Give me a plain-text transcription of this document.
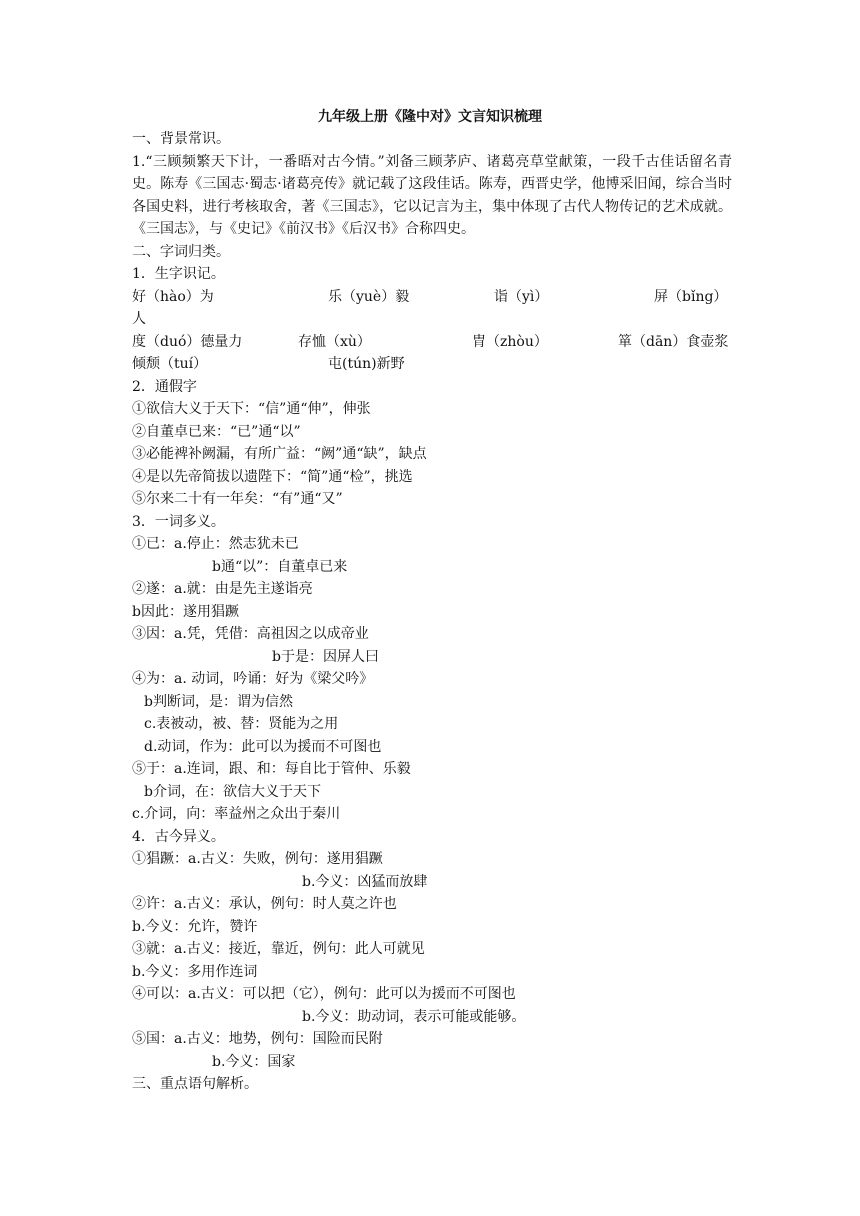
九年级上册《隆中对》文言知识梳理
一、背景常识。
1.“三顾频繁天下计，一番晤对古今情。”刘备三顾茅庐、诸葛亮草堂献策，一段千古佳话留名青史。陈寿《三国志·蜀志·诸葛亮传》就记载了这段佳话。陈寿，西晋史学，他博采旧闻，综合当时各国史料，进行考核取舍，著《三国志》，它以记言为主，集中体现了古代人物传记的艺术成就。《三国志》，与《史记》《前汉书》《后汉书》合称四史。
二、字词归类。
1．生字识记。
好（hào）为	乐（yuè）毅	诣（yì）	屏（bǐng）
人
度（duó）德量力	存恤（xù）	胄（zhòu）	箪（dān）食壶浆
倾颓（tuí）	屯(tún)新野
2．通假字
①欲信大义于天下：“信”通“伸”，伸张
②自董卓已来：“已”通“以”
③必能裨补阙漏，有所广益：“阙”通“缺”，缺点
④是以先帝简拔以遗陛下：“简”通“检”，挑选
⑤尔来二十有一年矣：“有”通“又”
3．一词多义。
①已：a.停止：然志犹未已
b通“以”：自董卓已来
②遂：a.就：由是先主遂诣亮
b因此：遂用猖蹶
③因：a.凭，凭借：高祖因之以成帝业
b于是：因屏人曰
④为：a. 动词，吟诵：好为《梁父吟》
b判断词，是：谓为信然
c.表被动，被、替：贤能为之用
d.动词，作为：此可以为援而不可图也
⑤于：a.连词，跟、和：每自比于管仲、乐毅
b介词，在：欲信大义于天下
c.介词，向：率益州之众出于秦川
4．古今异义。
①猖蹶：a.古义：失败，例句：遂用猖蹶
b.今义：凶猛而放肆
②许：a.古义：承认，例句：时人莫之许也
b.今义：允许，赞许
③就：a.古义：接近，靠近，例句：此人可就见
b.今义：多用作连词
④可以：a.古义：可以把（它），例句：此可以为援而不可图也
b.今义：助动词，表示可能或能够。
⑤国：a.古义：地势，例句：国险而民附
b.今义：国家
三、重点语句解析。
